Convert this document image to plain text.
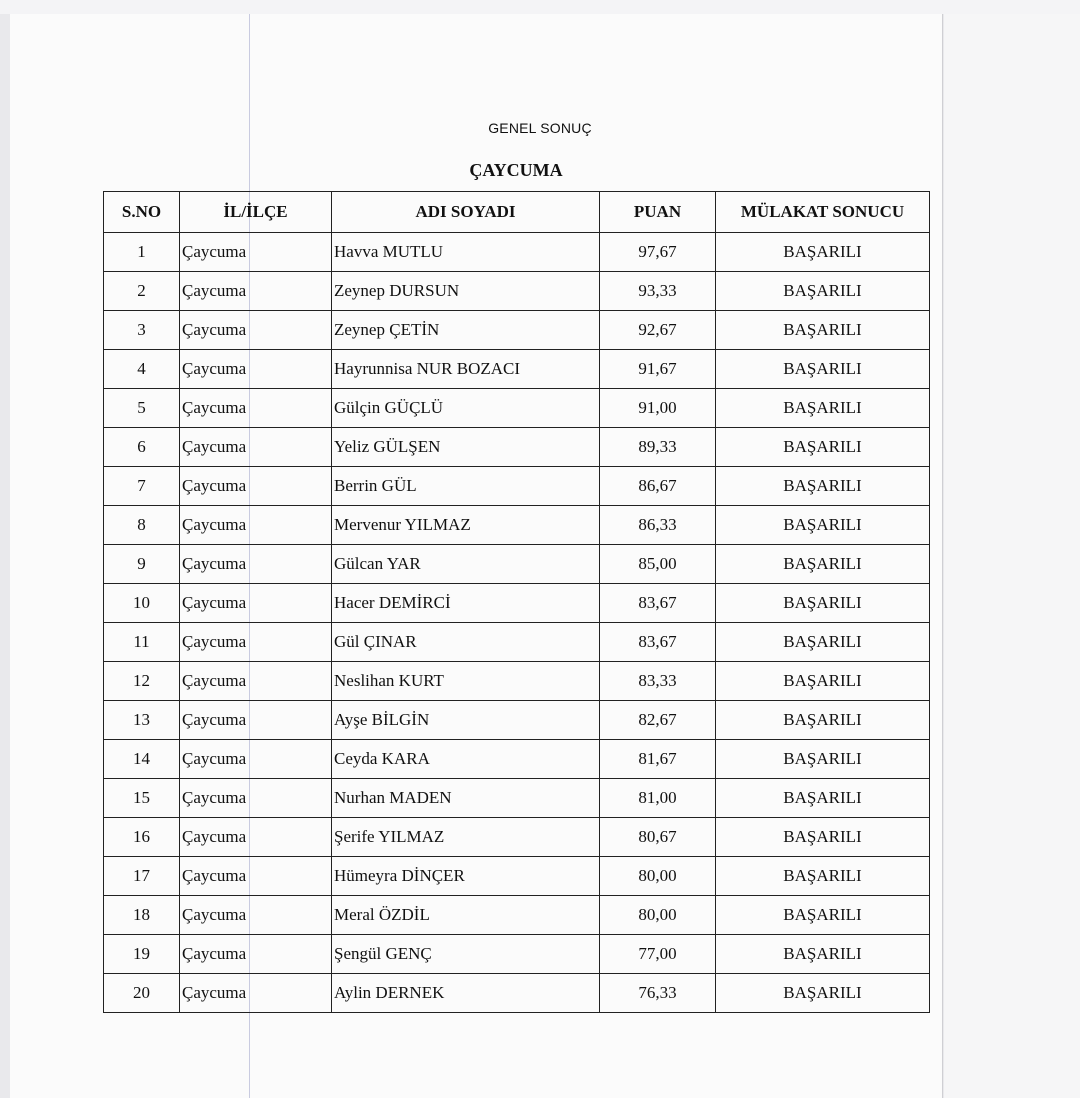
GENEL SONUÇ
ÇAYCUMA
S.NO	İL/İLÇE	ADI SOYADI	PUAN	MÜLAKAT SONUCU
1	Çaycuma	Havva MUTLU	97,67	BAŞARILI
2	Çaycuma	Zeynep DURSUN	93,33	BAŞARILI
3	Çaycuma	Zeynep ÇETİN	92,67	BAŞARILI
4	Çaycuma	Hayrunnisa NUR BOZACI	91,67	BAŞARILI
5	Çaycuma	Gülçin GÜÇLÜ	91,00	BAŞARILI
6	Çaycuma	Yeliz GÜLŞEN	89,33	BAŞARILI
7	Çaycuma	Berrin GÜL	86,67	BAŞARILI
8	Çaycuma	Mervenur YILMAZ	86,33	BAŞARILI
9	Çaycuma	Gülcan YAR	85,00	BAŞARILI
10	Çaycuma	Hacer DEMİRCİ	83,67	BAŞARILI
11	Çaycuma	Gül ÇINAR	83,67	BAŞARILI
12	Çaycuma	Neslihan KURT	83,33	BAŞARILI
13	Çaycuma	Ayşe BİLGİN	82,67	BAŞARILI
14	Çaycuma	Ceyda KARA	81,67	BAŞARILI
15	Çaycuma	Nurhan MADEN	81,00	BAŞARILI
16	Çaycuma	Şerife YILMAZ	80,67	BAŞARILI
17	Çaycuma	Hümeyra DİNÇER	80,00	BAŞARILI
18	Çaycuma	Meral ÖZDİL	80,00	BAŞARILI
19	Çaycuma	Şengül GENÇ	77,00	BAŞARILI
20	Çaycuma	Aylin DERNEK	76,33	BAŞARILI
